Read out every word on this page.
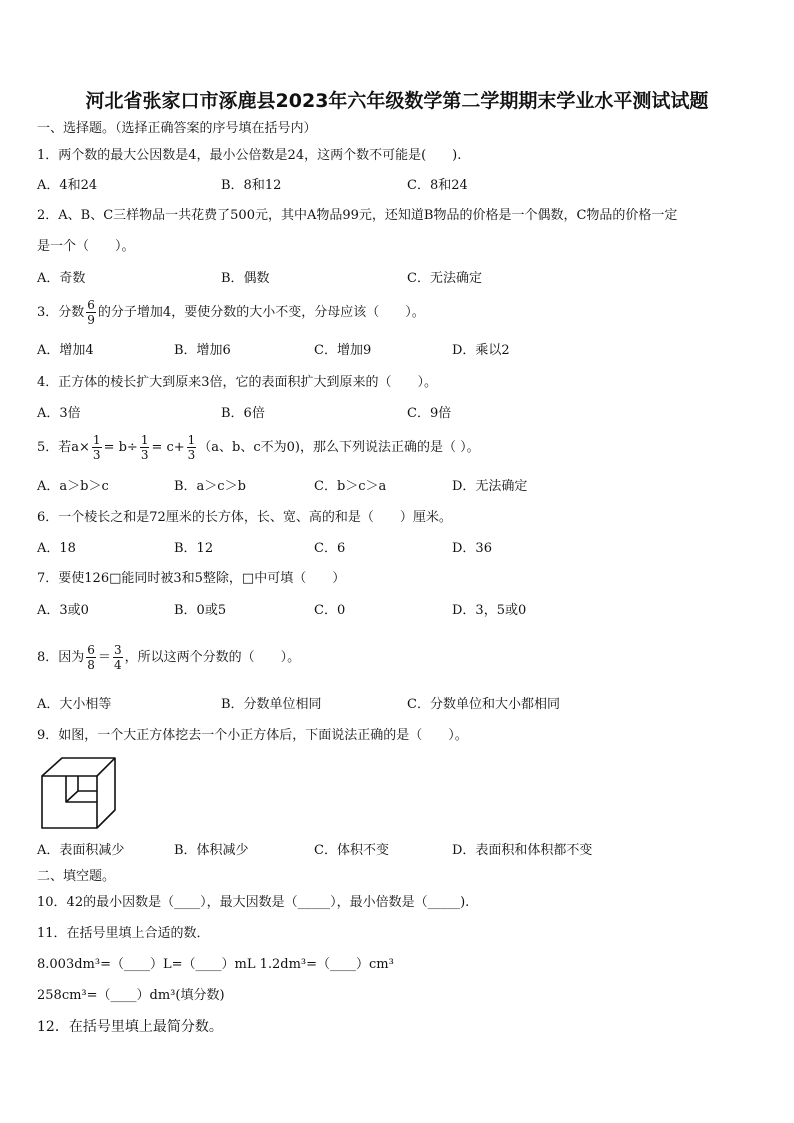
河北省张家口市涿鹿县2023年六年级数学第二学期期末学业水平测试试题
一、选择题。（选择正确答案的序号填在括号内）
1．两个数的最大公因数是4，最小公倍数是24，这两个数不可能是(　　).
A．4和24	B．8和12	C．8和24
2．A、B、C三样物品一共花费了500元，其中A物品99元，还知道B物品的价格是一个偶数，C物品的价格一定
是一个（　　）。
A．奇数	B．偶数	C．无法确定
3．分数 $\frac{6}{9}$ 的分子增加4，要使分数的大小不变，分母应该（　　）。
A．增加4	B．增加6	C．增加9	D．乘以2
4．正方体的棱长扩大到原来3倍，它的表面积扩大到原来的（　　）。
A．3倍	B．6倍	C．9倍
5．若$a\times \frac{1}{3} = b\div \frac{1}{3} = c+ \frac{1}{3} (a$、b、c不为0)，那么下列说法正确的是（ ）。
A．a＞b＞c	B．a＞c＞b	C．b＞c＞a	D．无法确定
6．一个棱长之和是72厘米的长方体，长、宽、高的和是（　　）厘米。
A．18	B．12	C．6	D．36
7．要使126□能同时被3和5整除，□中可填（　　）
A．3或0	B．0或5	C．0	D．3，5或0
8．因为 $\frac{6}{8} = \frac{3}{4}$ ，所以这两个分数的（　　）。
A．大小相等	B．分数单位相同	C．分数单位和大小都相同
9．如图，一个大正方体挖去一个小正方体后，下面说法正确的是（　　）。
A．表面积减少	B．体积减少	C．体积不变	D．表面积和体积都不变
二、填空题。
10．42的最小因数是（____），最大因数是（_____），最小倍数是（_____).
11．在括号里填上合适的数．
8.003dm³=（____）L=（____）mL 1.2dm³=（____）cm³
258cm³=（____）dm³(填分数)
12．在括号里填上最简分数。
